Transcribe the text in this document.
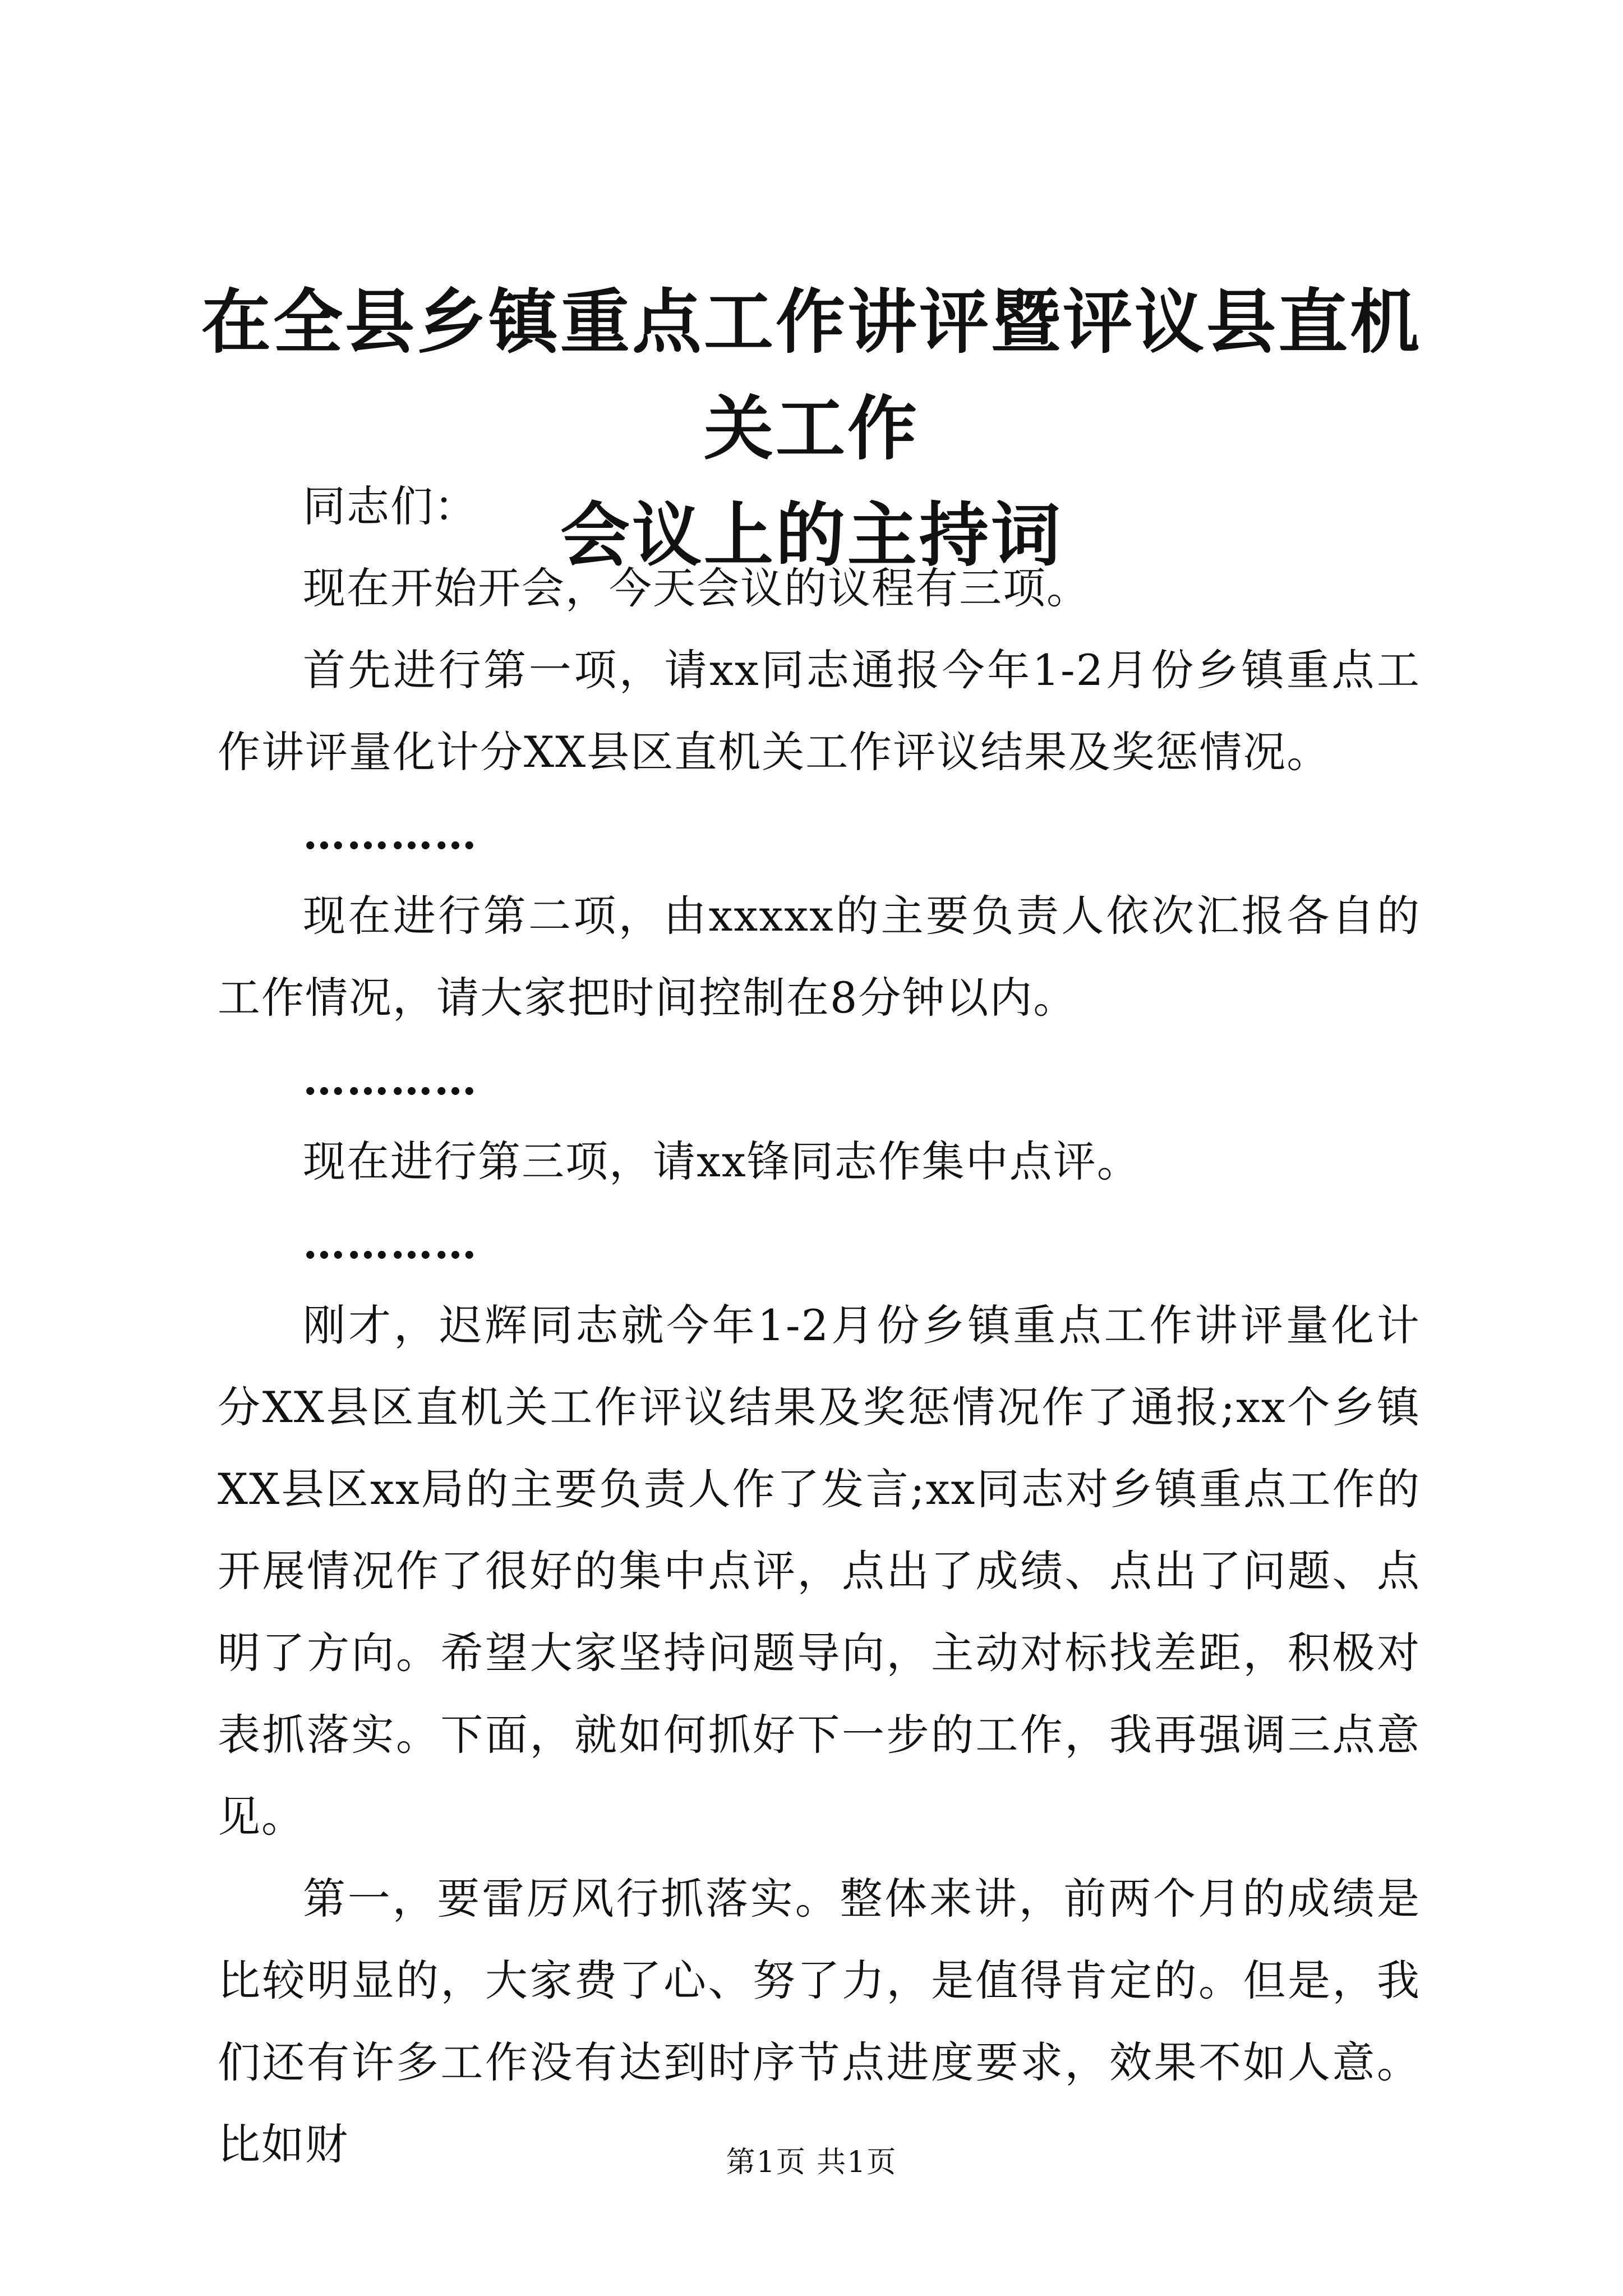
在全县乡镇重点工作讲评暨评议县直机关工作
会议上的主持词

同志们：

现在开始开会，今天会议的议程有三项。

首先进行第一项，请xx同志通报今年1-2月份乡镇重点工作讲评量化计分XX县区直机关工作评议结果及奖惩情况。

…………

现在进行第二项，由xxxxx的主要负责人依次汇报各自的工作情况，请大家把时间控制在8分钟以内。

…………

现在进行第三项，请xx锋同志作集中点评。

…………

刚才，迟辉同志就今年1-2月份乡镇重点工作讲评量化计分XX县区直机关工作评议结果及奖惩情况作了通报;xx个乡镇XX县区xx局的主要负责人作了发言;xx同志对乡镇重点工作的开展情况作了很好的集中点评，点出了成绩、点出了问题、点明了方向。希望大家坚持问题导向，主动对标找差距，积极对表抓落实。下面，就如何抓好下一步的工作，我再强调三点意见。

第一，要雷厉风行抓落实。整体来讲，前两个月的成绩是比较明显的，大家费了心、努了力，是值得肯定的。但是，我们还有许多工作没有达到时序节点进度要求，效果不如人意。比如财	第1页 共1页
